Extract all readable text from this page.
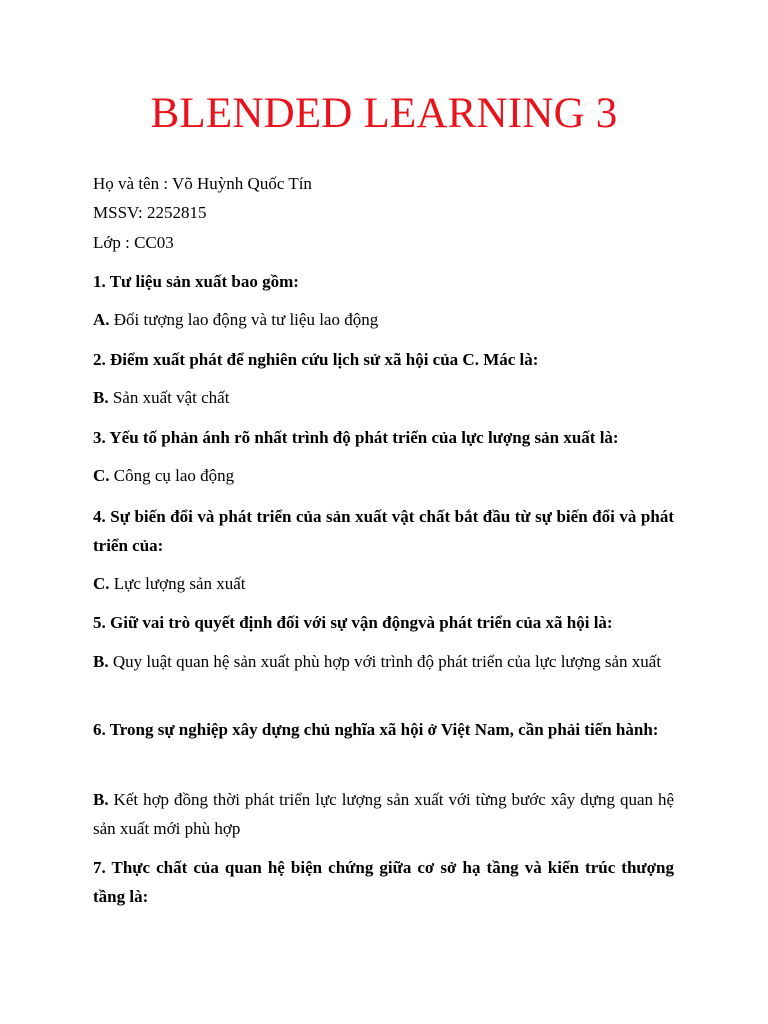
BLENDED LEARNING 3
Họ và tên : Võ Huỳnh Quốc Tín
MSSV: 2252815
Lớp : CC03
1. Tư liệu sản xuất bao gồm:
A. Đối tượng lao động và tư liệu lao động
2. Điểm xuất phát để nghiên cứu lịch sử xã hội của C. Mác là:
B. Sản xuất vật chất
3. Yếu tố phản ánh rõ nhất trình độ phát triển của lực lượng sản xuất là:
C. Công cụ lao động
4. Sự biến đổi và phát triển của sản xuất vật chất bắt đầu từ sự biến đổi và phát triển của:
C. Lực lượng sản xuất
5. Giữ vai trò quyết định đối với sự vận độngvà phát triển của xã hội là:
B. Quy luật quan hệ sản xuất phù hợp với trình độ phát triển của lực lượng sản xuất
6. Trong sự nghiệp xây dựng chủ nghĩa xã hội ở Việt Nam, cần phải tiến hành:
B. Kết hợp đồng thời phát triển lực lượng sản xuất với từng bước xây dựng quan hệ sản xuất mới phù hợp
7. Thực chất của quan hệ biện chứng giữa cơ sở hạ tầng và kiến trúc thượng tầng là:
